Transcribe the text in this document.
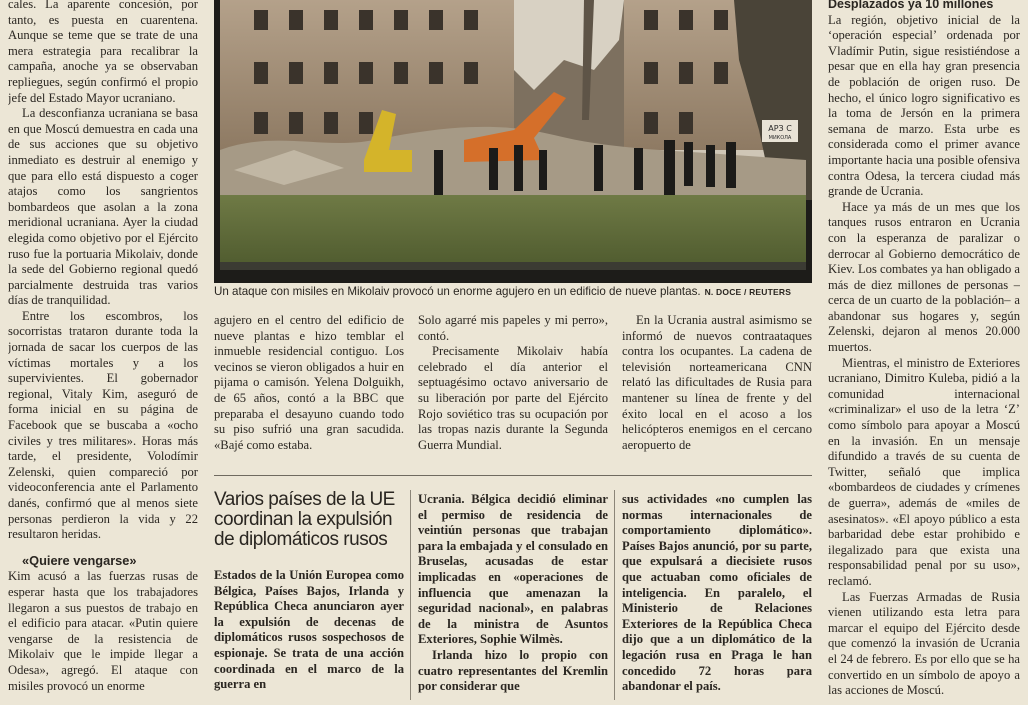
cales. La aparente concesión, por tanto, es puesta en cuarentena. Aunque se teme que se trate de una mera estrategia para recalibrar la campaña, anoche ya se observaban repliegues, según confirmó el propio jefe del Estado Mayor ucraniano.

La desconfianza ucraniana se basa en que Moscú demuestra en cada una de sus acciones que su objetivo inmediato es destruir al enemigo y que para ello está dispuesto a coger atajos como los sangrientos bombardeos que asolan a la zona meridional ucraniana. Ayer la ciudad elegida como objetivo por el Ejército ruso fue la portuaria Mikolaiv, donde la sede del Gobierno regional quedó parcialmente destruida tras varios días de tranquilidad.

Entre los escombros, los socorristas trataron durante toda la jornada de sacar los cuerpos de las víctimas mortales y a los supervivientes. El gobernador regional, Vitaly Kim, aseguró de forma inicial en su página de Facebook que se buscaba a «ocho civiles y tres militares». Horas más tarde, el presidente, Volodímir Zelenski, quien compareció por videoconferencia ante el Parlamento danés, confirmó que al menos siete personas perdieron la vida y 22 resultaron heridas.

«Quiere vengarse»

Kim acusó a las fuerzas rusas de esperar hasta que los trabajadores llegaron a sus puestos de trabajo en el edificio para atacar. «Putin quiere vengarse de la resistencia de Mikolaiv que le impide llegar a Odesa», agregó. El ataque con misiles provocó un enorme

АРЗ С
МИКОЛА
Un ataque con misiles en Mikolaiv provocó un enorme agujero en un edificio de nueve plantas. N. DOCE / REUTERS

agujero en el centro del edificio de nueve plantas e hizo temblar el inmueble residencial contiguo. Los vecinos se vieron obligados a huir en pijama o camisón. Yelena Dolguikh, de 65 años, contó a la BBC que preparaba el desayuno cuando todo su piso sufrió una gran sacudida. «Bajé como estaba.

Solo agarré mis papeles y mi perro», contó.

Precisamente Mikolaiv había celebrado el día anterior el septuagésimo octavo aniversario de su liberación por parte del Ejército Rojo soviético tras su ocupación por las tropas nazis durante la Segunda Guerra Mundial.

En la Ucrania austral asimismo se informó de nuevos contraataques contra los ocupantes. La cadena de televisión norteamericana CNN relató las dificultades de Rusia para mantener su línea de frente y del éxito local en el acoso a los helicópteros enemigos en el cercano aeropuerto de

Varios países de la UE coordinan la expulsión de diplomáticos rusos

Estados de la Unión Europea como Bélgica, Países Bajos, Irlanda y República Checa anunciaron ayer la expulsión de decenas de diplomáticos rusos sospechosos de espionaje. Se trata de una acción coordinada en el marco de la guerra en

Ucrania. Bélgica decidió eliminar el permiso de residencia de veintiún personas que trabajan para la embajada y el consulado en Bruselas, acusadas de estar implicadas en «operaciones de influencia que amenazan la seguridad nacional», en palabras de la ministra de Asuntos Exteriores, Sophie Wilmès.

Irlanda hizo lo propio con cuatro representantes del Kremlin por considerar que

sus actividades «no cumplen las normas internacionales de comportamiento diplomático». Países Bajos anunció, por su parte, que expulsará a diecisiete rusos que actuaban como oficiales de inteligencia. En paralelo, el Ministerio de Relaciones Exteriores de la República Checa dijo que a un diplomático de la legación rusa en Praga le han concedido 72 horas para abandonar el país.

Desplazados ya 10 millones

La región, objetivo inicial de la ‘operación especial’ ordenada por Vladímir Putin, sigue resistiéndose a pesar que en ella hay gran presencia de población de origen ruso. De hecho, el único logro significativo es la toma de Jersón en la primera semana de marzo. Esta urbe es considerada como el primer avance importante hacia una posible ofensiva contra Odesa, la tercera ciudad más grande de Ucrania.

Hace ya más de un mes que los tanques rusos entraron en Ucrania con la esperanza de paralizar o derrocar al Gobierno democrático de Kiev. Los combates ya han obligado a más de diez millones de personas –cerca de un cuarto de la población– a abandonar sus hogares y, según Zelenski, dejaron al menos 20.000 muertos.

Mientras, el ministro de Exteriores ucraniano, Dimitro Kuleba, pidió a la comunidad internacional «criminalizar» el uso de la letra ‘Z’ como símbolo para apoyar a Moscú en la invasión. En un mensaje difundido a través de su cuenta de Twitter, señaló que implica «bombardeos de ciudades y crímenes de guerra», además de «miles de asesinatos». «El apoyo público a esta barbaridad debe estar prohibido e ilegalizado para que exista una responsabilidad penal por su uso», reclamó.

Las Fuerzas Armadas de Rusia vienen utilizando esta letra para marcar el equipo del Ejército desde que comenzó la invasión de Ucrania el 24 de febrero. Es por ello que se ha convertido en un símbolo de apoyo a las acciones de Moscú.
